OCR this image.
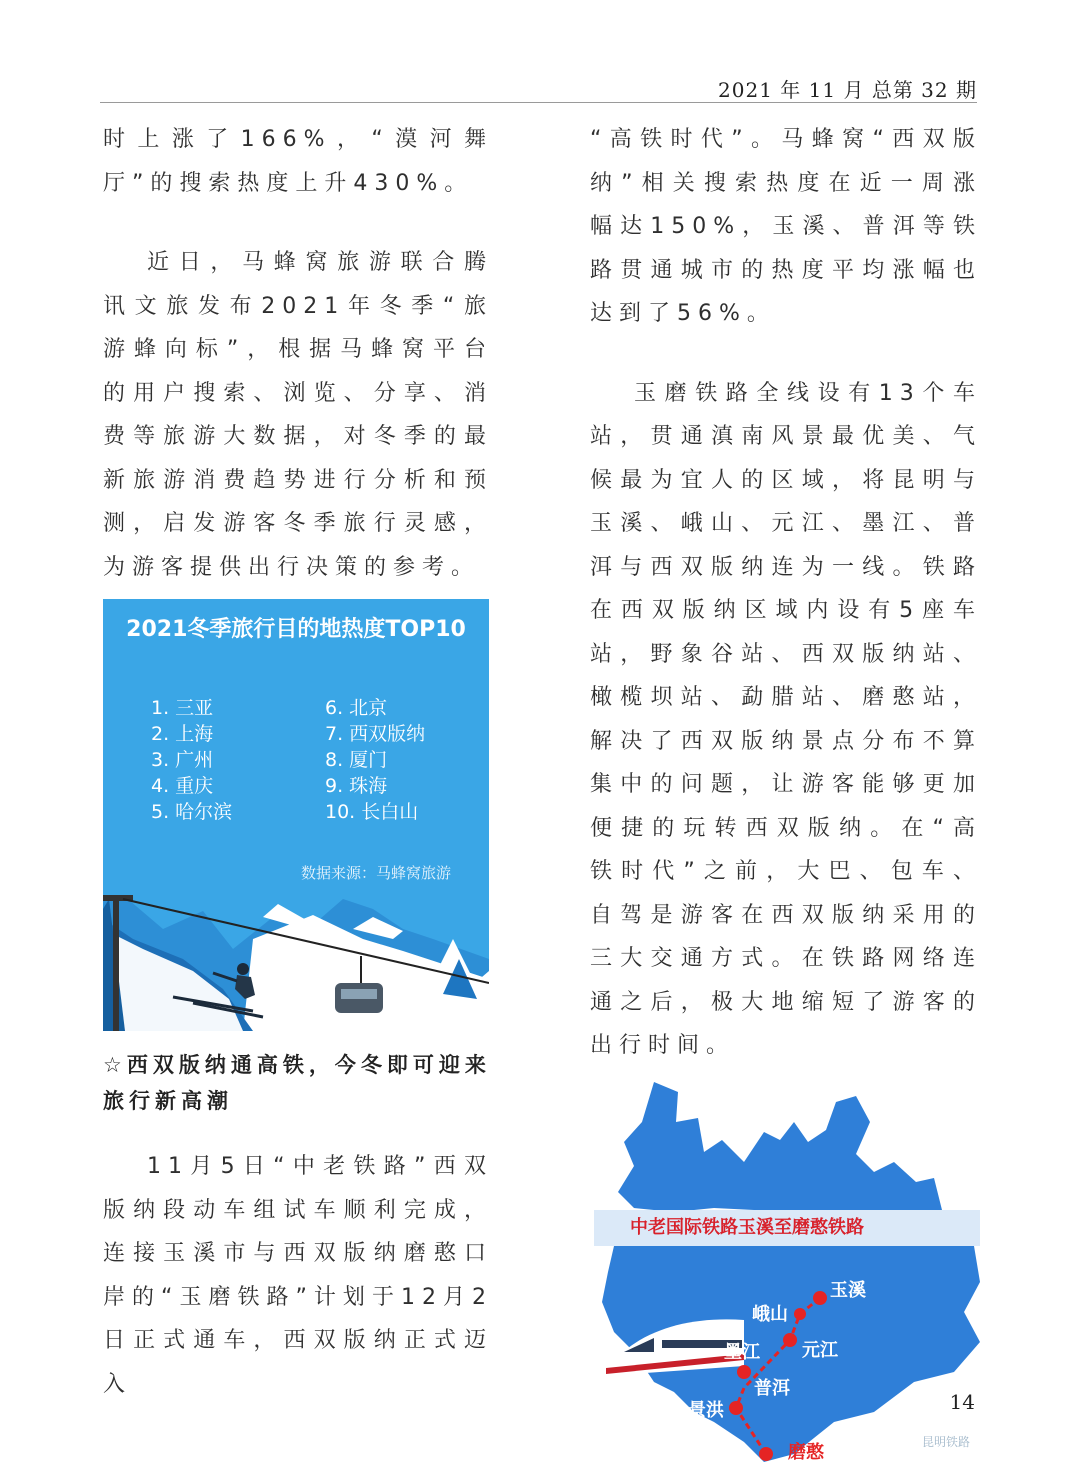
2021 年 11 月 总第 32 期

时上涨了166%，“漠河舞厅”的搜索热度上升430%。

近日，马蜂窝旅游联合腾讯文旅发布2021年冬季“旅游蜂向标”，根据马蜂窝平台的用户搜索、浏览、分享、消费等旅游大数据，对冬季的最新旅游消费趋势进行分析和预测，启发游客冬季旅行灵感，为游客提供出行决策的参考。

2021冬季旅行目的地热度TOP10
1. 三亚
2. 上海
3. 广州
4. 重庆
5. 哈尔滨
6. 北京
7. 西双版纳
8. 厦门
9. 珠海
10. 长白山
数据来源：马蜂窝旅游
☆西双版纳通高铁，今冬即可迎来旅行新高潮

11月5日“中老铁路”西双版纳段动车组试车顺利完成，连接玉溪市与西双版纳磨憨口岸的“玉磨铁路”计划于12月2日正式通车，西双版纳正式迈入

“高铁时代”。马蜂窝“西双版纳”相关搜索热度在近一周涨幅达150%，玉溪、普洱等铁路贯通城市的热度平均涨幅也达到了56%。

玉磨铁路全线设有13个车站，贯通滇南风景最优美、气候最为宜人的区域，将昆明与玉溪、峨山、元江、墨江、普洱与西双版纳连为一线。铁路在西双版纳区域内设有5座车站，野象谷站、西双版纳站、橄榄坝站、勐腊站、磨憨站，解决了西双版纳景点分布不算集中的问题，让游客能够更加便捷的玩转西双版纳。在“高铁时代”之前，大巴、包车、自驾是游客在西双版纳采用的三大交通方式。在铁路网络连通之后，极大地缩短了游客的出行时间。

中老国际铁路玉溪至磨憨铁路
玉溪
峨山
元江
墨江
普洱
景洪
磨憨	昆明铁路
14
